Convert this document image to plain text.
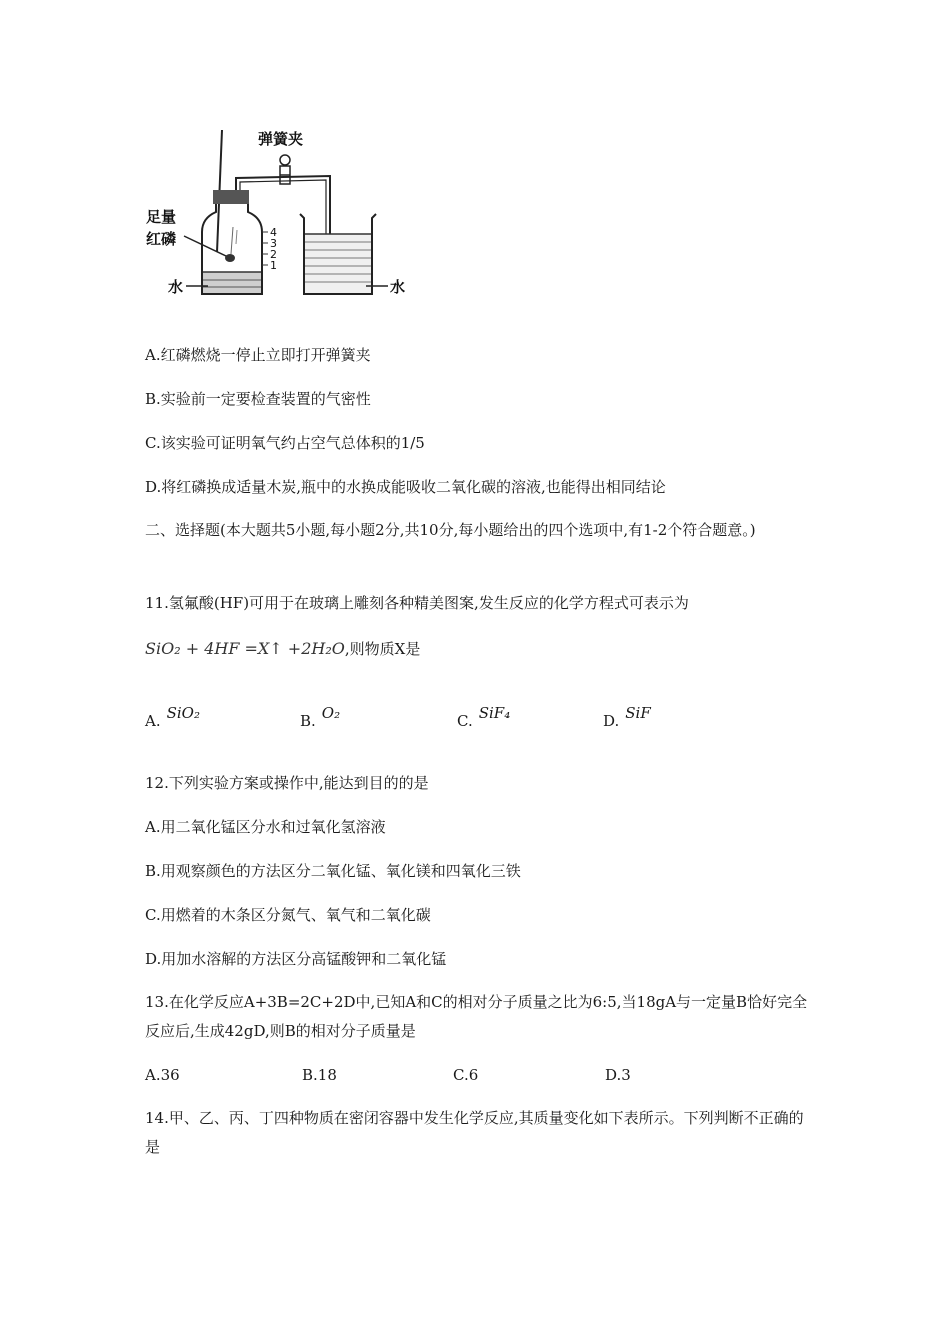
弹簧夹
4
3
2
1
足量
红磷
水	水
A.红磷燃烧一停止立即打开弹簧夹
B.实验前一定要检查装置的气密性
C.该实验可证明氧气约占空气总体积的1/5
D.将红磷换成适量木炭,瓶中的水换成能吸收二氧化碳的溶液,也能得出相同结论
二、选择题(本大题共5小题,每小题2分,共10分,每小题给出的四个选项中,有1-2个符合题意。)
11.氢氟酸(HF)可用于在玻璃上雕刻各种精美图案,发生反应的化学方程式可表示为
SiO₂ + 4HF =X↑ +2H₂O,则物质X是
A. SiO₂	B. O₂	C. SiF₄	D. SiF
12.下列实验方案或操作中,能达到目的的是
A.用二氧化锰区分水和过氧化氢溶液
B.用观察颜色的方法区分二氧化锰、氧化镁和四氧化三铁
C.用燃着的木条区分氮气、氧气和二氧化碳
D.用加水溶解的方法区分高锰酸钾和二氧化锰
13.在化学反应A+3B=2C+2D中,已知A和C的相对分子质量之比为6:5,当18gA与一定量B恰好完全反应后,生成42gD,则B的相对分子质量是
A.36	B.18	C.6	D.3
14.甲、乙、丙、丁四种物质在密闭容器中发生化学反应,其质量变化如下表所示。下列判断不正确的是
